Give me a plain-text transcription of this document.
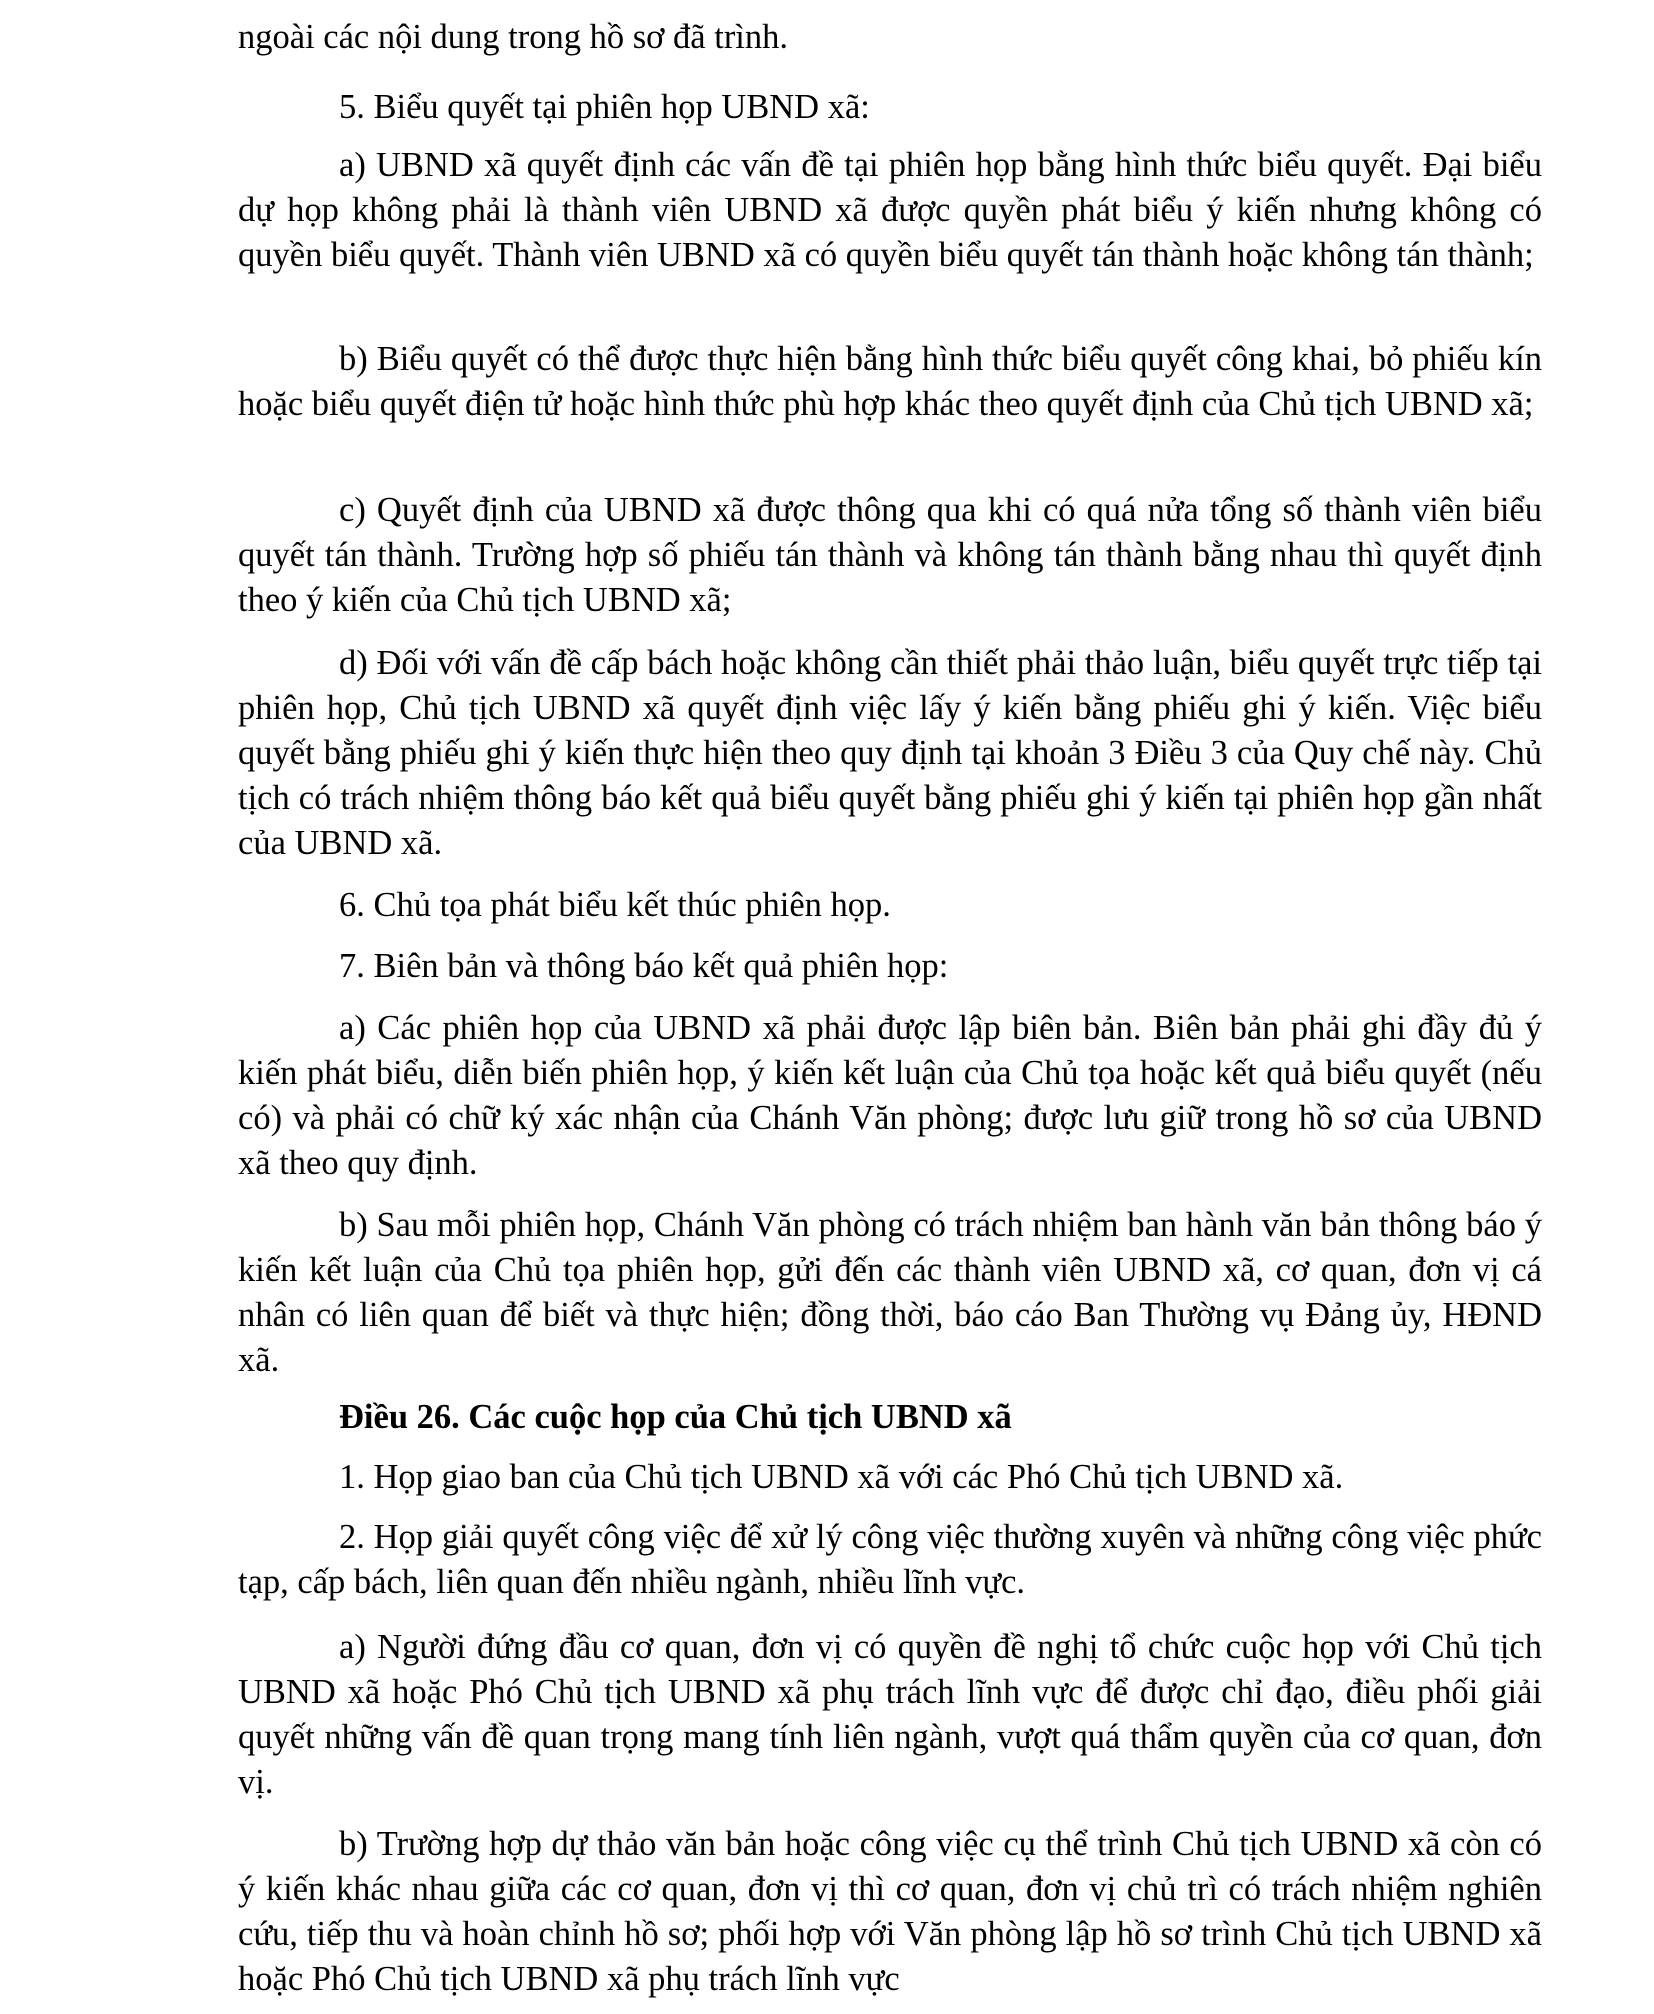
ngoài các nội dung trong hồ sơ đã trình.

5. Biểu quyết tại phiên họp UBND xã:

a) UBND xã quyết định các vấn đề tại phiên họp bằng hình thức biểu quyết. Đại biểu dự họp không phải là thành viên UBND xã được quyền phát biểu ý kiến nhưng không có quyền biểu quyết. Thành viên UBND xã có quyền biểu quyết tán thành hoặc không tán thành;

b) Biểu quyết có thể được thực hiện bằng hình thức biểu quyết công khai, bỏ phiếu kín hoặc biểu quyết điện tử hoặc hình thức phù hợp khác theo quyết định của Chủ tịch UBND xã;

c) Quyết định của UBND xã được thông qua khi có quá nửa tổng số thành viên biểu quyết tán thành. Trường hợp số phiếu tán thành và không tán thành bằng nhau thì quyết định theo ý kiến của Chủ tịch UBND xã;

d) Đối với vấn đề cấp bách hoặc không cần thiết phải thảo luận, biểu quyết trực tiếp tại phiên họp, Chủ tịch UBND xã quyết định việc lấy ý kiến bằng phiếu ghi ý kiến. Việc biểu quyết bằng phiếu ghi ý kiến thực hiện theo quy định tại khoản 3 Điều 3 của Quy chế này. Chủ tịch có trách nhiệm thông báo kết quả biểu quyết bằng phiếu ghi ý kiến tại phiên họp gần nhất của UBND xã.

6. Chủ tọa phát biểu kết thúc phiên họp.

7. Biên bản và thông báo kết quả phiên họp:

a) Các phiên họp của UBND xã phải được lập biên bản. Biên bản phải ghi đầy đủ ý kiến phát biểu, diễn biến phiên họp, ý kiến kết luận của Chủ tọa hoặc kết quả biểu quyết (nếu có) và phải có chữ ký xác nhận của Chánh Văn phòng; được lưu giữ trong hồ sơ của UBND xã theo quy định.

b) Sau mỗi phiên họp, Chánh Văn phòng có trách nhiệm ban hành văn bản thông báo ý kiến kết luận của Chủ tọa phiên họp, gửi đến các thành viên UBND xã, cơ quan, đơn vị cá nhân có liên quan để biết và thực hiện; đồng thời, báo cáo Ban Thường vụ Đảng ủy, HĐND xã.

Điều 26. Các cuộc họp của Chủ tịch UBND xã

1. Họp giao ban của Chủ tịch UBND xã với các Phó Chủ tịch UBND xã.

2. Họp giải quyết công việc để xử lý công việc thường xuyên và những công việc phức tạp, cấp bách, liên quan đến nhiều ngành, nhiều lĩnh vực.

a) Người đứng đầu cơ quan, đơn vị có quyền đề nghị tổ chức cuộc họp với Chủ tịch UBND xã hoặc Phó Chủ tịch UBND xã phụ trách lĩnh vực để được chỉ đạo, điều phối giải quyết những vấn đề quan trọng mang tính liên ngành, vượt quá thẩm quyền của cơ quan, đơn vị.

b) Trường hợp dự thảo văn bản hoặc công việc cụ thể trình Chủ tịch UBND xã còn có ý kiến khác nhau giữa các cơ quan, đơn vị thì cơ quan, đơn vị chủ trì có trách nhiệm nghiên cứu, tiếp thu và hoàn chỉnh hồ sơ; phối hợp với Văn phòng lập hồ sơ trình Chủ tịch UBND xã hoặc Phó Chủ tịch UBND xã phụ trách lĩnh vực
